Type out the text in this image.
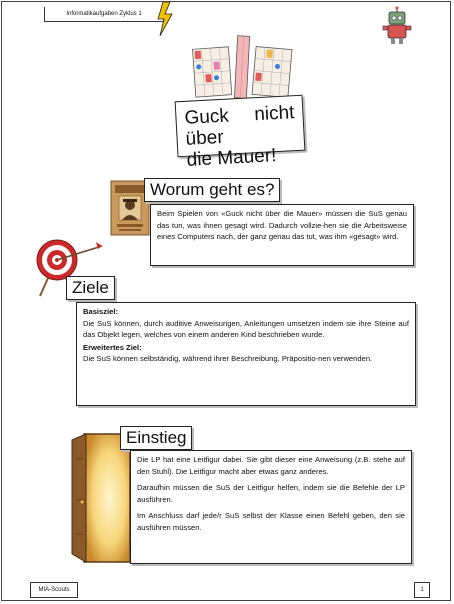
Informatikaufgaben Zyklus 1
Guck nicht über
die Mauer!
Worum geht es?

Beim Spielen von «Guck nicht über die Mauer» müssen die SuS genau das tun, was ihnen gesagt wird. Dadurch vollzie-hen sie die Arbeitsweise eines Computers nach, der ganz genau das tut, was ihm «gesagt» wird.

Ziele

Basisziel:

Die SuS können, durch auditive Anweisungen, Anleitungen umsetzen indem sie ihre Steine auf das Objekt legen, welches von einem anderen Kind beschrieben wurde.

Erweitertes Ziel:

Die SuS können selbständig, während ihrer Beschreibung, Präpositio-nen verwenden.

Einstieg

Die LP hat eine Leitfigur dabei. Sie gibt dieser eine Anweisung (z.B. stehe auf den Stuhl). Die Leitfigur macht aber etwas ganz anderes.

Daraufhin müssen die SuS der Leitfigur helfen, indem sie die Befehle der LP ausführen.

Im Anschluss darf jede/r SuS selbst der Klasse einen Befehl geben, den sie ausführen müssen.

MIA-Scouts	1
